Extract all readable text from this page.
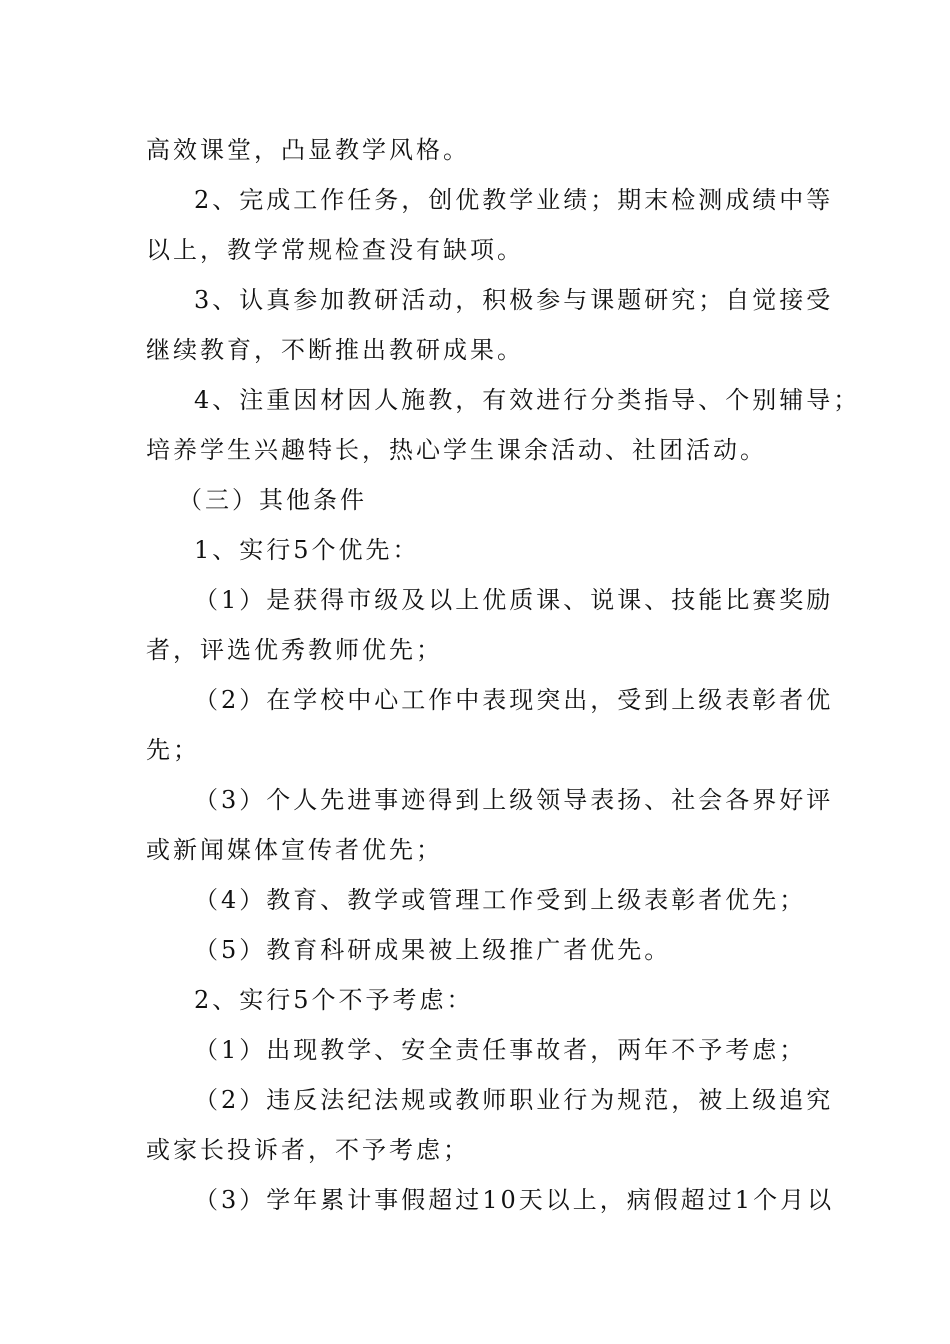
高效课堂，凸显教学风格。
2、完成工作任务，创优教学业绩；期末检测成绩中等
以上，教学常规检查没有缺项。
3、认真参加教研活动，积极参与课题研究；自觉接受
继续教育，不断推出教研成果。
4、注重因材因人施教，有效进行分类指导、个别辅导；
培养学生兴趣特长，热心学生课余活动、社团活动。
（三）其他条件
1、实行5个优先：
（1）是获得市级及以上优质课、说课、技能比赛奖励
者，评选优秀教师优先；
（2）在学校中心工作中表现突出，受到上级表彰者优
先；
（3）个人先进事迹得到上级领导表扬、社会各界好评
或新闻媒体宣传者优先；
（4）教育、教学或管理工作受到上级表彰者优先；
（5）教育科研成果被上级推广者优先。
2、实行5个不予考虑：
（1）出现教学、安全责任事故者，两年不予考虑；
（2）违反法纪法规或教师职业行为规范，被上级追究
或家长投诉者，不予考虑；
（3）学年累计事假超过10天以上，病假超过1个月以
